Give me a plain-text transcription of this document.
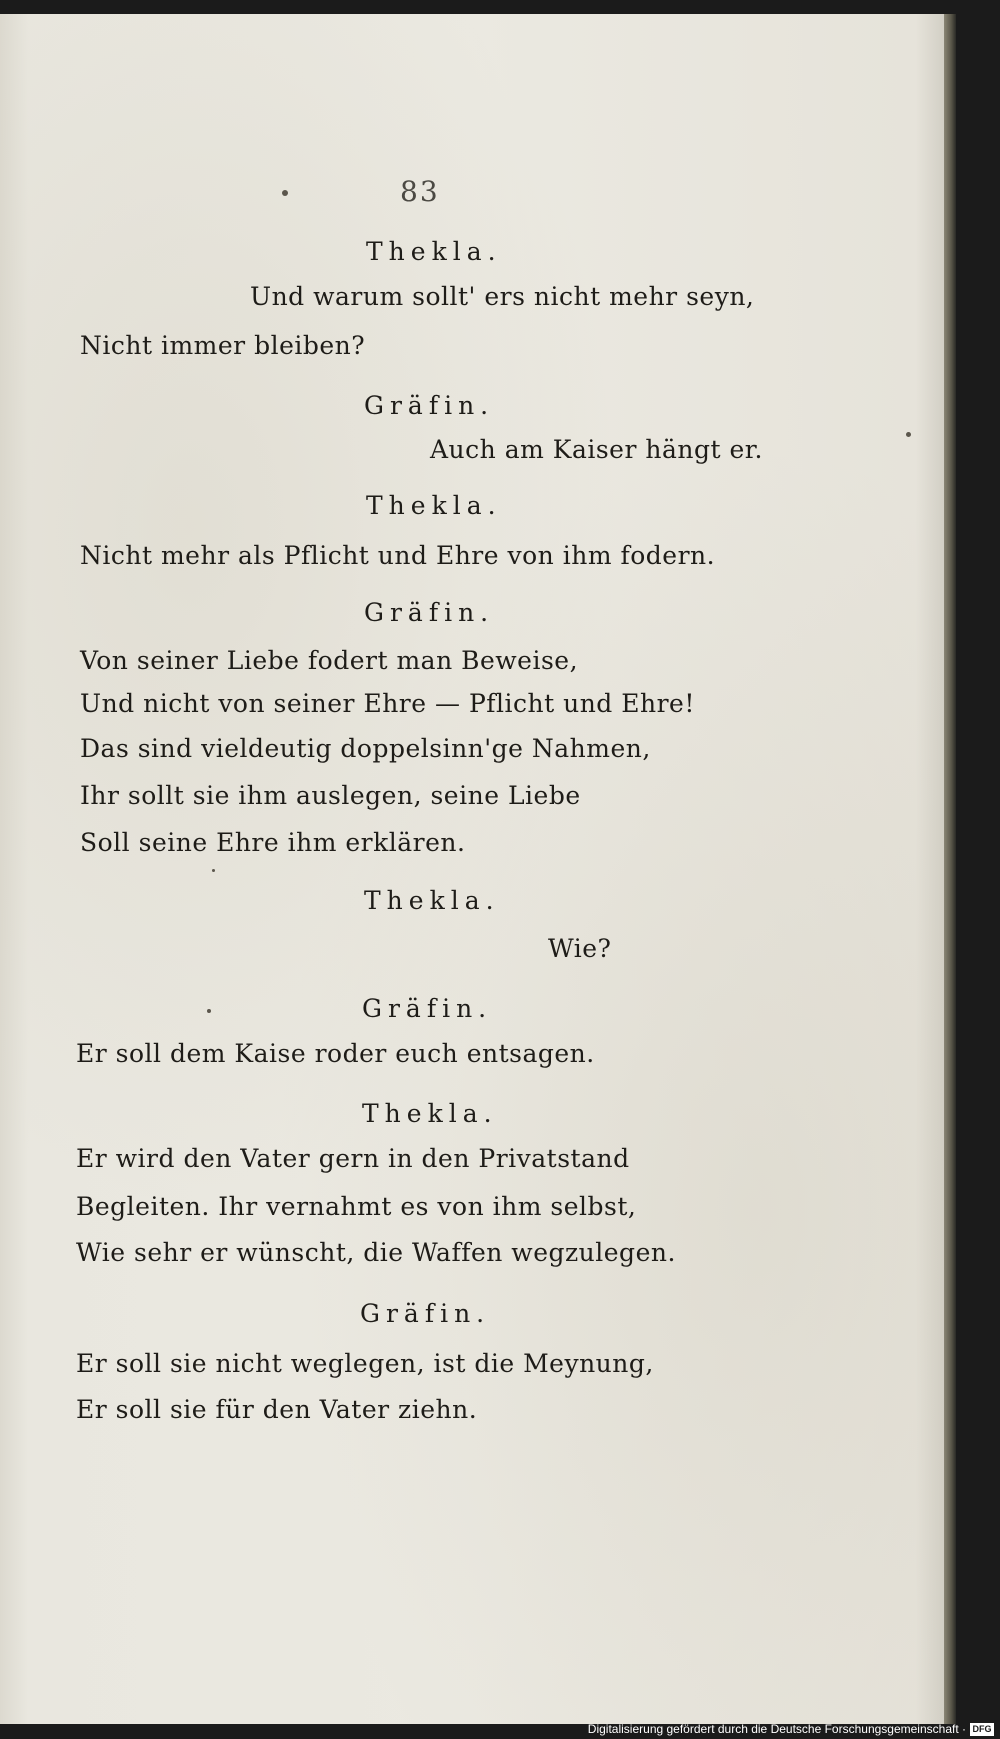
83
Thekla.
Und warum sollt' ers nicht mehr seyn,
Nicht immer bleiben?
Gräfin.
Auch am Kaiser hängt er.
Thekla.
Nicht mehr als Pflicht und Ehre von ihm fodern.
Gräfin.
Von seiner Liebe fodert man Beweise,
Und nicht von seiner Ehre — Pflicht und Ehre!
Das sind vieldeutig doppelsinn'ge Nahmen,
Ihr sollt sie ihm auslegen, seine Liebe
Soll seine Ehre ihm erklären.
Thekla.
Wie?
Gräfin.
Er soll dem Kaise roder euch entsagen.
Thekla.
Er wird den Vater gern in den Privatstand
Begleiten. Ihr vernahmt es von ihm selbst,
Wie sehr er wünscht, die Waffen wegzulegen.
Gräfin.
Er soll sie nicht weglegen, ist die Meynung,
Er soll sie für den Vater ziehn.
Digitalisierung gefördert durch die Deutsche Forschungsgemeinschaft · DFG
